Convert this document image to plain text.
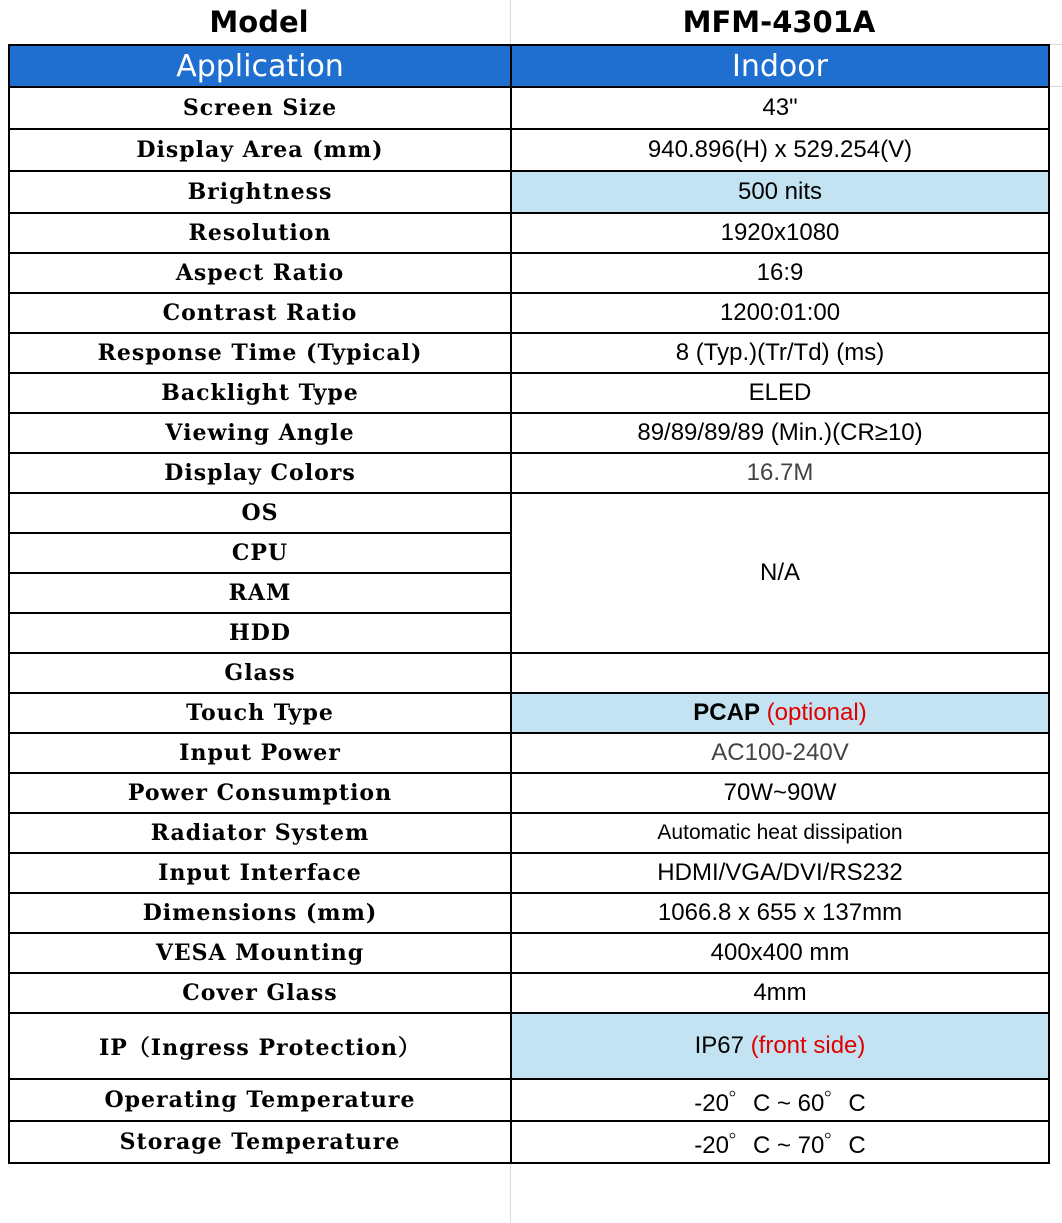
Model	MFM-4301A
Application	Indoor
Screen Size	43"
Display Area (mm)	940.896(H) x 529.254(V)
Brightness	500 nits
Resolution	1920x1080
Aspect Ratio	16:9
Contrast Ratio	1200:01:00
Response Time (Typical)	8 (Typ.)(Tr/Td) (ms)
Backlight Type	ELED
Viewing Angle	89/89/89/89 (Min.)(CR≥10)
Display Colors	16.7M
OS	N/A
CPU	
RAM	
HDD	
Glass	
Touch Type	PCAP (optional)
Input Power	AC100-240V
Power Consumption	70W~90W
Radiator System	Automatic heat dissipation
Input Interface	HDMI/VGA/DVI/RS232
Dimensions (mm)	1066.8 x 655 x 137mm
VESA Mounting	400x400 mm
Cover Glass	4mm
IP（Ingress Protection）	IP67 (front side)
Operating Temperature	-20゜C ~ 60゜C
Storage Temperature	-20゜C ~ 70゜C
